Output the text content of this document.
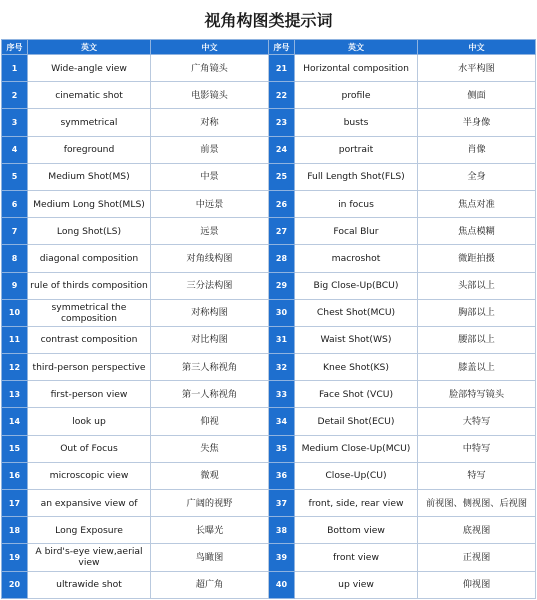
视角构图类提示词
序号	英文	中文	序号	英文	中文
1	Wide-angle view	广角镜头	21	Horizontal composition	水平构图
2	cinematic shot	电影镜头	22	profile	侧面
3	symmetrical	对称	23	busts	半身像
4	foreground	前景	24	portrait	肖像
5	Medium Shot(MS)	中景	25	Full Length Shot(FLS)	全身
6	Medium Long Shot(MLS)	中远景	26	in focus	焦点对准
7	Long Shot(LS)	远景	27	Focal Blur	焦点模糊
8	diagonal composition	对角线构图	28	macroshot	微距拍摄
9	rule of thirds composition	三分法构图	29	Big Close-Up(BCU)	头部以上
10	symmetrical the composition	对称构图	30	Chest Shot(MCU)	胸部以上
11	contrast composition	对比构图	31	Waist Shot(WS)	腰部以上
12	third-person perspective	第三人称视角	32	Knee Shot(KS)	膝盖以上
13	first-person view	第一人称视角	33	Face Shot (VCU)	脸部特写镜头
14	look up	仰视	34	Detail Shot(ECU)	大特写
15	Out of Focus	失焦	35	Medium Close-Up(MCU)	中特写
16	microscopic view	微观	36	Close-Up(CU)	特写
17	an expansive view of	广阔的视野	37	front, side, rear view	前视图、侧视图、后视图
18	Long Exposure	长曝光	38	Bottom view	底视图
19	A bird's-eye view,aerial view	鸟瞰图	39	front view	正视图
20	ultrawide shot	超广角	40	up view	仰视图
